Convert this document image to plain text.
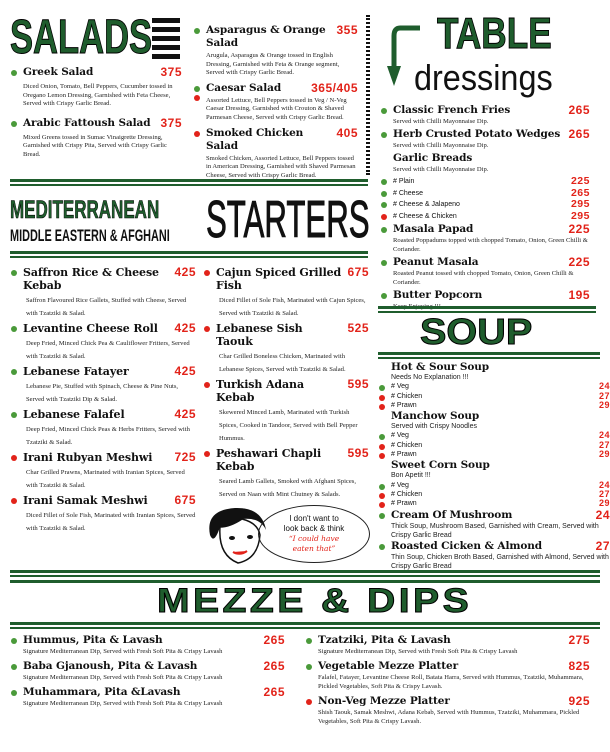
SALADS
Greek Salad	375
Diced Onion, Tomato, Bell Peppers, Cucumber tossed in Oregano Lemon Dressing, Garnished with Feta Cheese, Served with Crispy Garlic Bread.
Arabic Fattoush Salad 375
Mixed Greens tossed in Sumac Vinaigrette Dressing, Garnished with Crispy Pita, Served with Crispy Garlic Bread.
Asparagus & Orange Salad
355
Arugula, Asparagus & Orange tossed in English Dressing, Garnished with Feta & Orange segment, Served with Crispy Garlic Bread.
Caesar Salad	365/405
Assorted Lettuce, Bell Peppers tossed in Veg / N-Veg Caesar Dressing, Garnished with Crouton & Shaved Parmesan Cheese, Served with Crispy Garlic Bread.
Smoked Chicken Salad
405
Smoked Chicken, Assorted Lettuce, Bell Peppers tossed in American Dressing, Garnished with Shaved Parmesan Cheese, Served with Crispy Garlic Bread.
TABLE
dressings
Classic French Fries	265
Served with Chilli Mayonnaise Dip.
Herb Crusted Potato Wedges 265
Served with Chilli Mayonnaise Dip.
Garlic Breads
Served with Chilli Mayonnaise Dip.
# Plain	225
# Cheese	265
# Cheese & Jalapeno	295
# Cheese & Chicken	295
Masala Papad	225
Roasted Poppadums topped with chopped Tomato, Onion, Green Chilli & Coriander.
Peanut Masala	225
Roasted Peanut tossed with chopped Tomato, Onion, Green Chilli & Coriander.
Butter Popcorn	195
Keep Enjoying !!!
MEDITERRANEAN
MIDDLE EASTERN & AFGHANI STARTERS
Saffron Rice & Cheese Kebab
425
Saffron Flavoured Rice Gallets, Stuffed with Cheese, Served with Tzatziki & Salad.
Levantine Cheese Roll	425
Deep Fried, Minced Chick Pea & Cauliflower Fritters, Served with Tzatziki & Salad.
Lebanese Fatayer	425
Lebanese Pie, Stuffed with Spinach, Cheese & Pine Nuts, Served with Tzatziki Dip & Salad.
Lebanese Falafel	425
Deep Fried, Minced Chick Peas & Herbs Fritters, Served with Tzatziki & Salad.
Irani Rubyan Meshwi	725
Char Grilled Prawns, Marinated with Iranian Spices, Served with Tzatziki & Salad.
Irani Samak Meshwi	675
Diced Fillet of Sole Fish, Marinated with Iranian Spices, Served with Tzatziki & Salad.
Cajun Spiced Grilled Fish
675
Diced Fillet of Sole Fish, Marinated with Cajun Spices, Served with Tzatziki & Salad.
Lebanese Sish Taouk
525
Char Grilled Boneless Chicken, Marinated with Lebanese Spices, Served with Tzatziki & Salad.
Turkish Adana Kebab
595
Skewered Minced Lamb, Marinated with Turkish Spices, Cooked in Tandoor, Served with Bell Pepper Hummus.
Peshawari Chapli Kebab
595
Seared Lamb Gallets, Smoked with Afghani Spices, Served on Naan with Mint Chutney & Salads.
I don't want to
look back & think
“I could have
eaten that”
SOUP
Hot & Sour Soup
Needs No Explanation !!!
# Veg	24
# Chicken	27
# Prawn	29
Manchow Soup
Served with Crispy Noodles
# Veg	24
# Chicken	27
# Prawn	29
Sweet Corn Soup
Bon Apetit !!!
# Veg	24
# Chicken	27
# Prawn	29
Cream Of Mushroom	24
Thick Soup, Mushroom Based, Garnished with Cream, Served with Crispy Garlic Bread
Roasted Cicken & Almond	27
Thin Soup, Chicken Broth Based, Garnished with Almond, Served with Crispy Garlic Bread
MEZZE & DIPS
Hummus, Pita & Lavash	265
Signature Mediterranean Dip, Served with Fresh Soft Pita & Crispy Lavash
Baba Gjanoush, Pita & Lavash	265
Signature Mediterranean Dip, Served with Fresh Soft Pita & Crispy Lavash
Muhammara, Pita &Lavash	265
Signature Mediterranean Dip, Served with Fresh Soft Pita & Crispy Lavash
Tzatziki, Pita & Lavash	275
Signature Mediterranean Dip, Served with Fresh Soft Pita & Crispy Lavash
Vegetable Mezze Platter	825
Falafel, Fatayer, Levantine Cheese Roll, Batata Harra, Served with Hummus, Tzatziki, Muhammara, Pickled Vegetables, Soft Pita & Crispy Lavash.
Non-Veg Mezze Platter	925
Shish Taouk, Samak Meshwi, Adana Kebab, Served with Hummus, Tzatziki, Muhammara, Pickled Vegetables, Soft Pita & Crispy Lavash.
